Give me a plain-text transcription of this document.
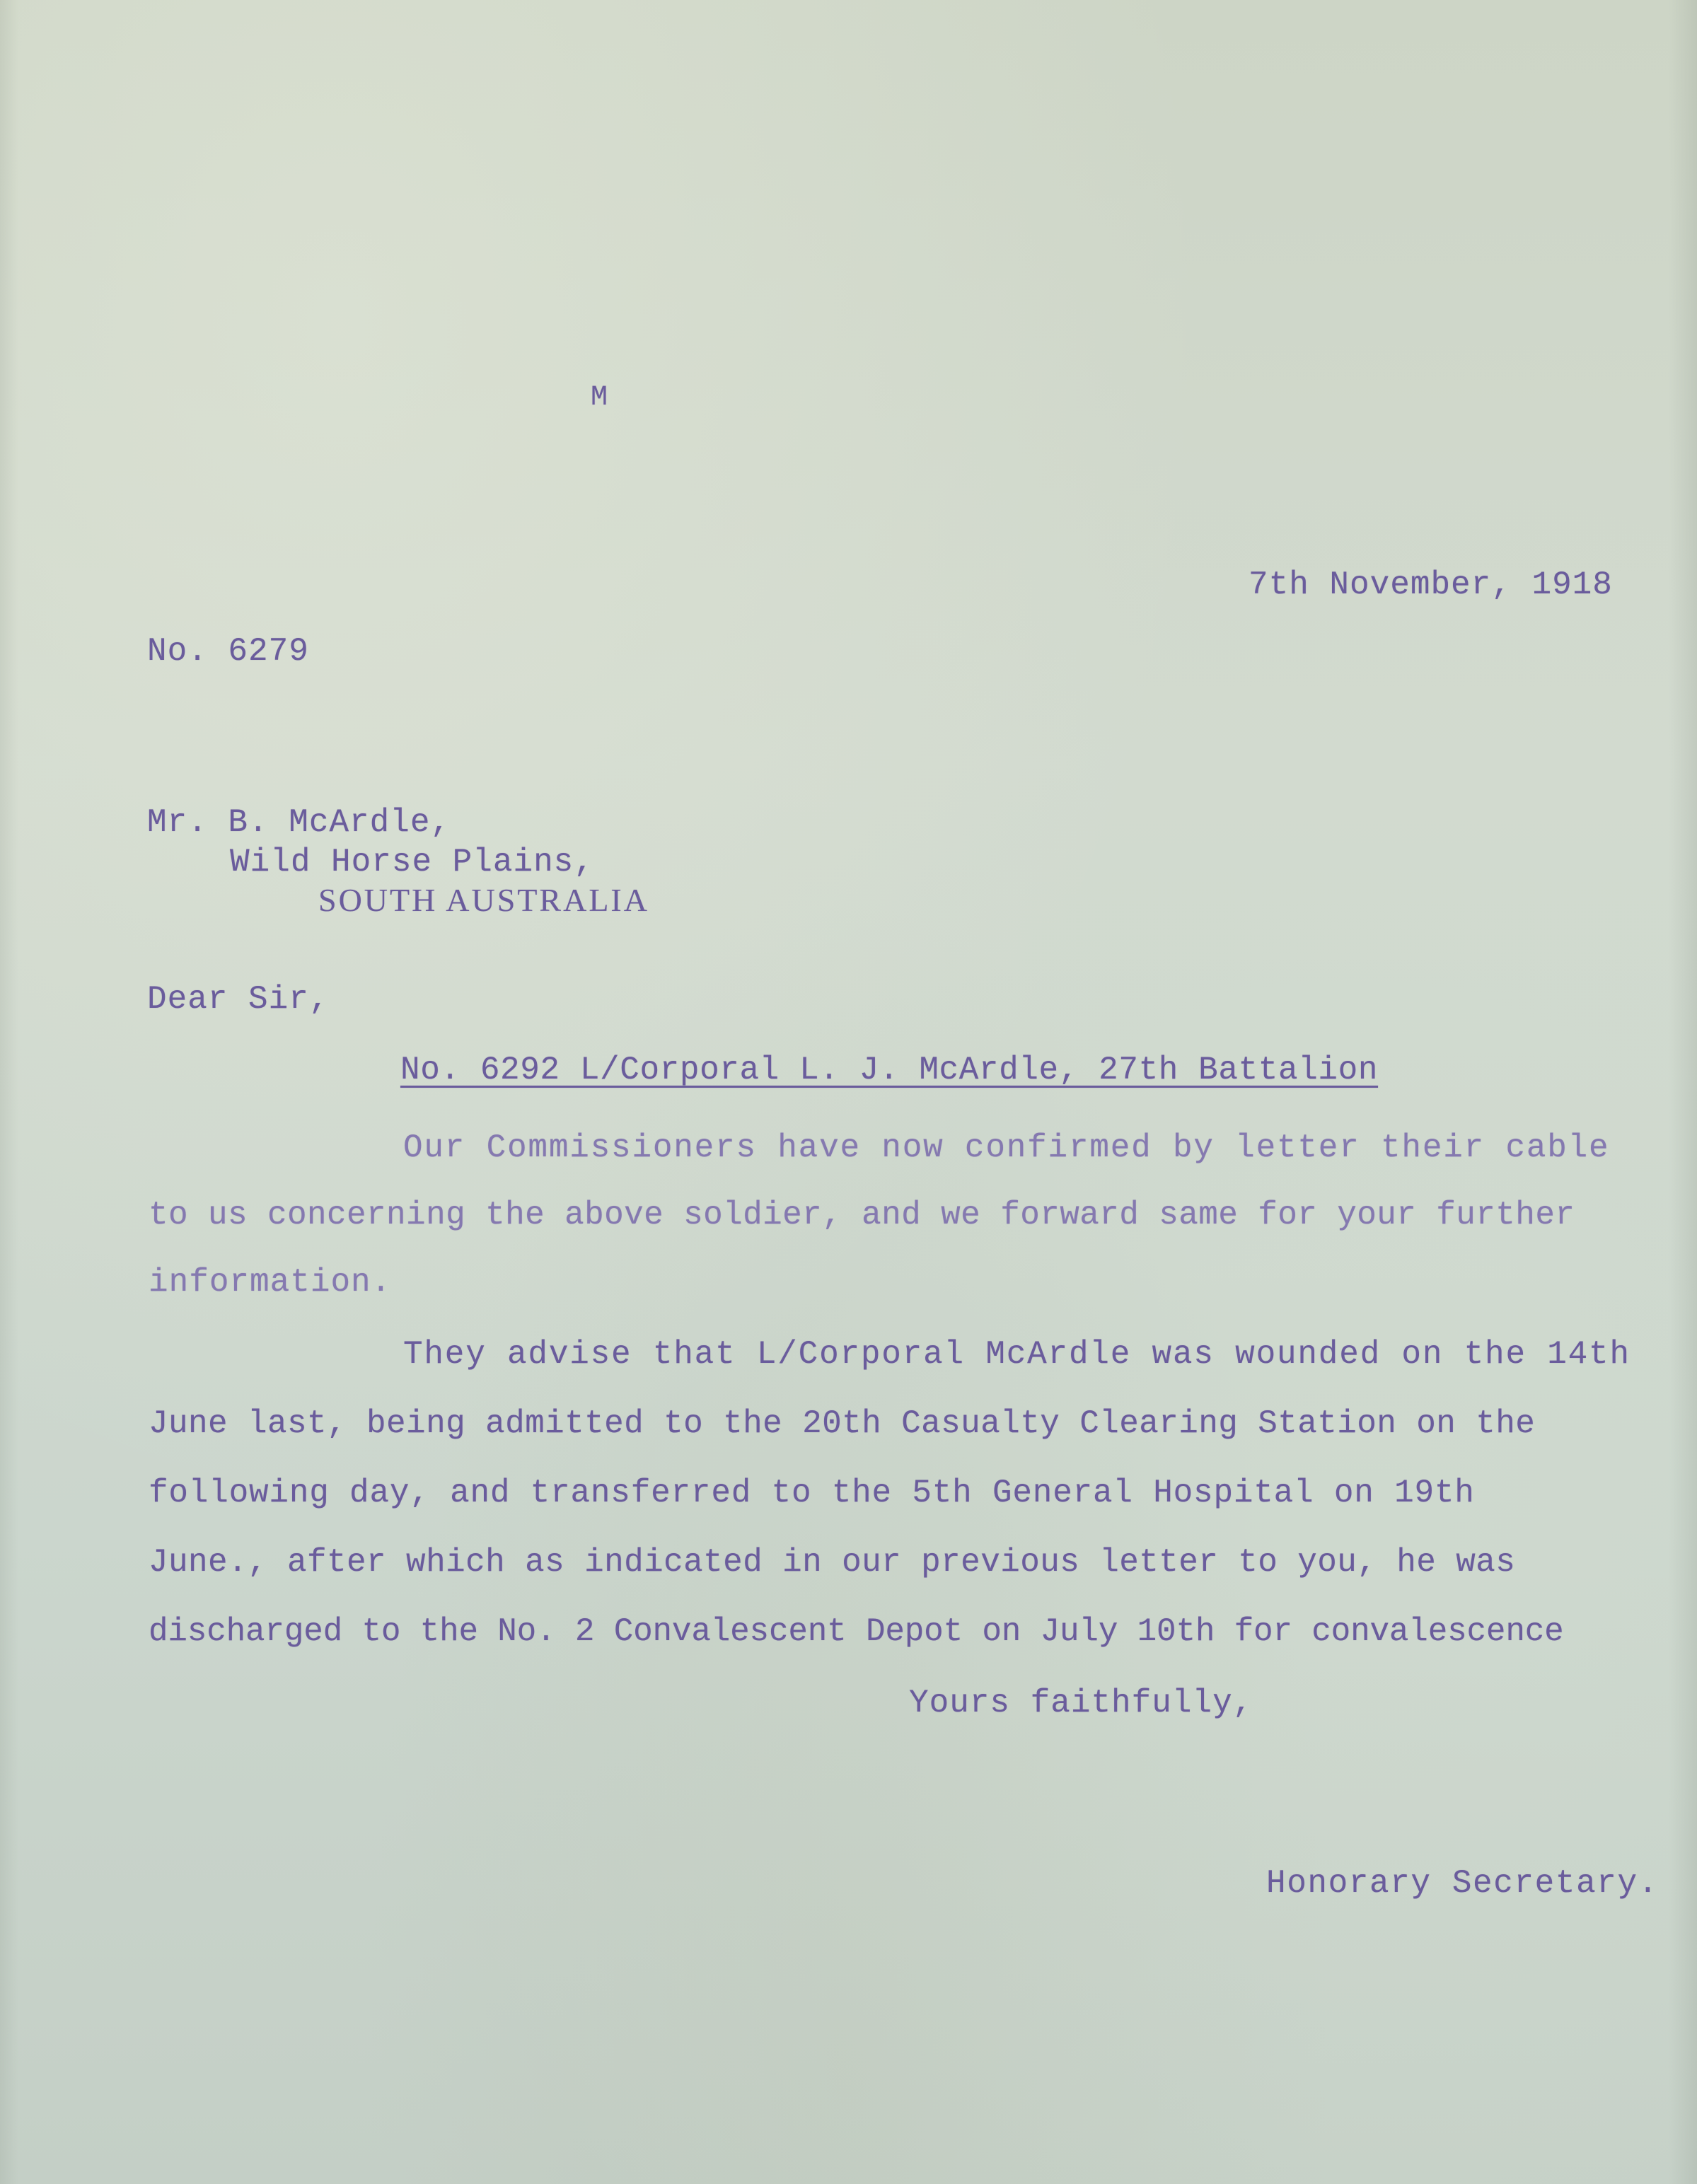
M
7th November, 1918
No. 6279
Mr. B. McArdle,
Wild Horse Plains,
SOUTH AUSTRALIA
Dear Sir,
No. 6292 L/Corporal L. J. McArdle, 27th Battalion
Our Commissioners have now confirmed by letter their cable
to us concerning the above soldier, and we forward same for your further
information.
They advise that L/Corporal McArdle was wounded on the 14th
June last, being admitted to the 20th Casualty Clearing Station on the
following day, and transferred to the 5th General Hospital on 19th
June., after which as indicated in our previous letter to you, he was
discharged to the No. 2 Convalescent Depot on July 10th for convalescence
Yours faithfully,
Honorary Secretary.
